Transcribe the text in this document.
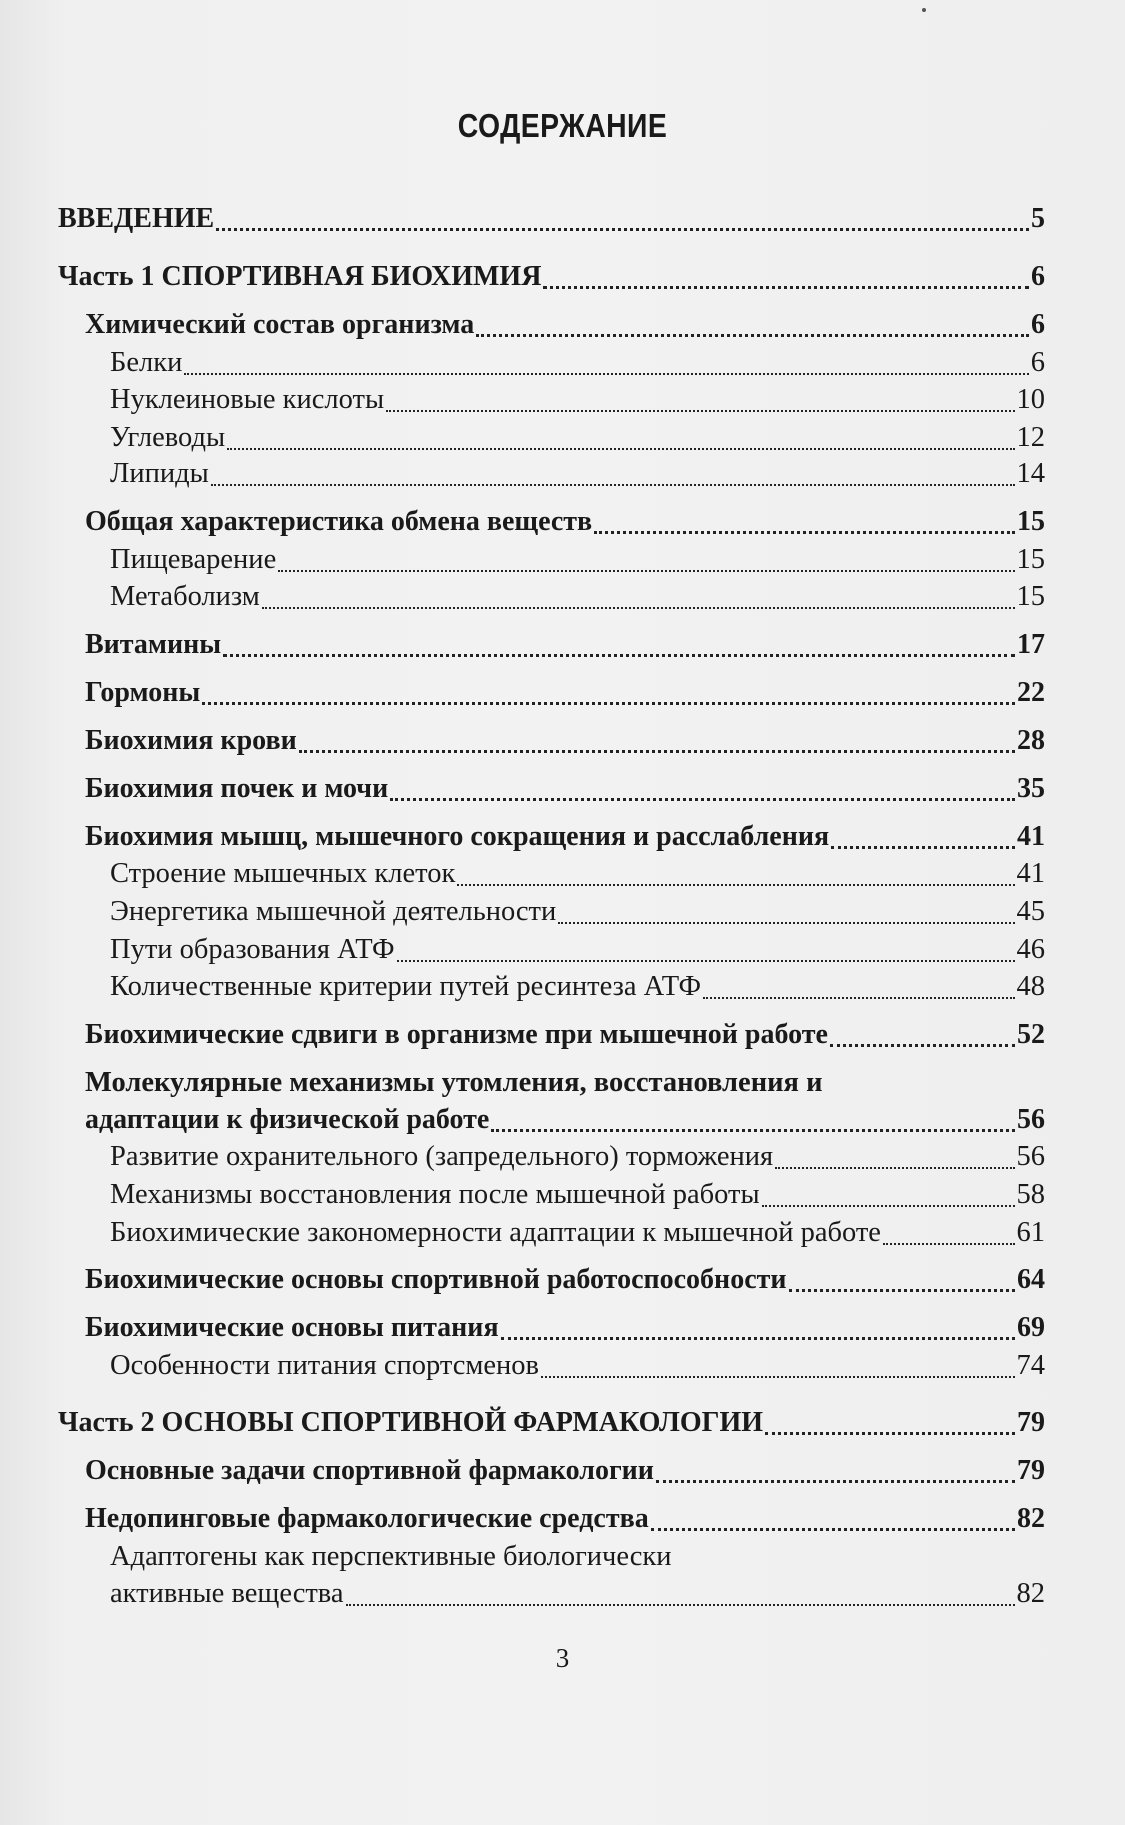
СОДЕРЖАНИЕ
ВВЕДЕНИЕ	5
Часть 1 СПОРТИВНАЯ БИОХИМИЯ	6
Химический состав организма	6
Белки	6
Нуклеиновые кислоты	10
Углеводы	12
Липиды	14
Общая характеристика обмена веществ	15
Пищеварение	15
Метаболизм	15
Витамины	17
Гормоны	22
Биохимия крови	28
Биохимия почек и мочи	35
Биохимия мышц, мышечного сокращения и расслабления	41
Строение мышечных клеток	41
Энергетика мышечной деятельности	45
Пути образования АТФ	46
Количественные критерии путей ресинтеза АТФ	48
Биохимические сдвиги в организме при мышечной работе	52
Молекулярные механизмы утомления, восстановления и
адаптации к физической работе	56
Развитие охранительного (запредельного) торможения	56
Механизмы восстановления после мышечной работы	58
Биохимические закономерности адаптации к мышечной работе	61
Биохимические основы спортивной работоспособности	64
Биохимические основы питания	69
Особенности питания спортсменов	74
Часть 2 ОСНОВЫ СПОРТИВНОЙ ФАРМАКОЛОГИИ	79
Основные задачи спортивной фармакологии	79
Недопинговые фармакологические средства	82
Адаптогены как перспективные биологически
активные вещества	82
3
